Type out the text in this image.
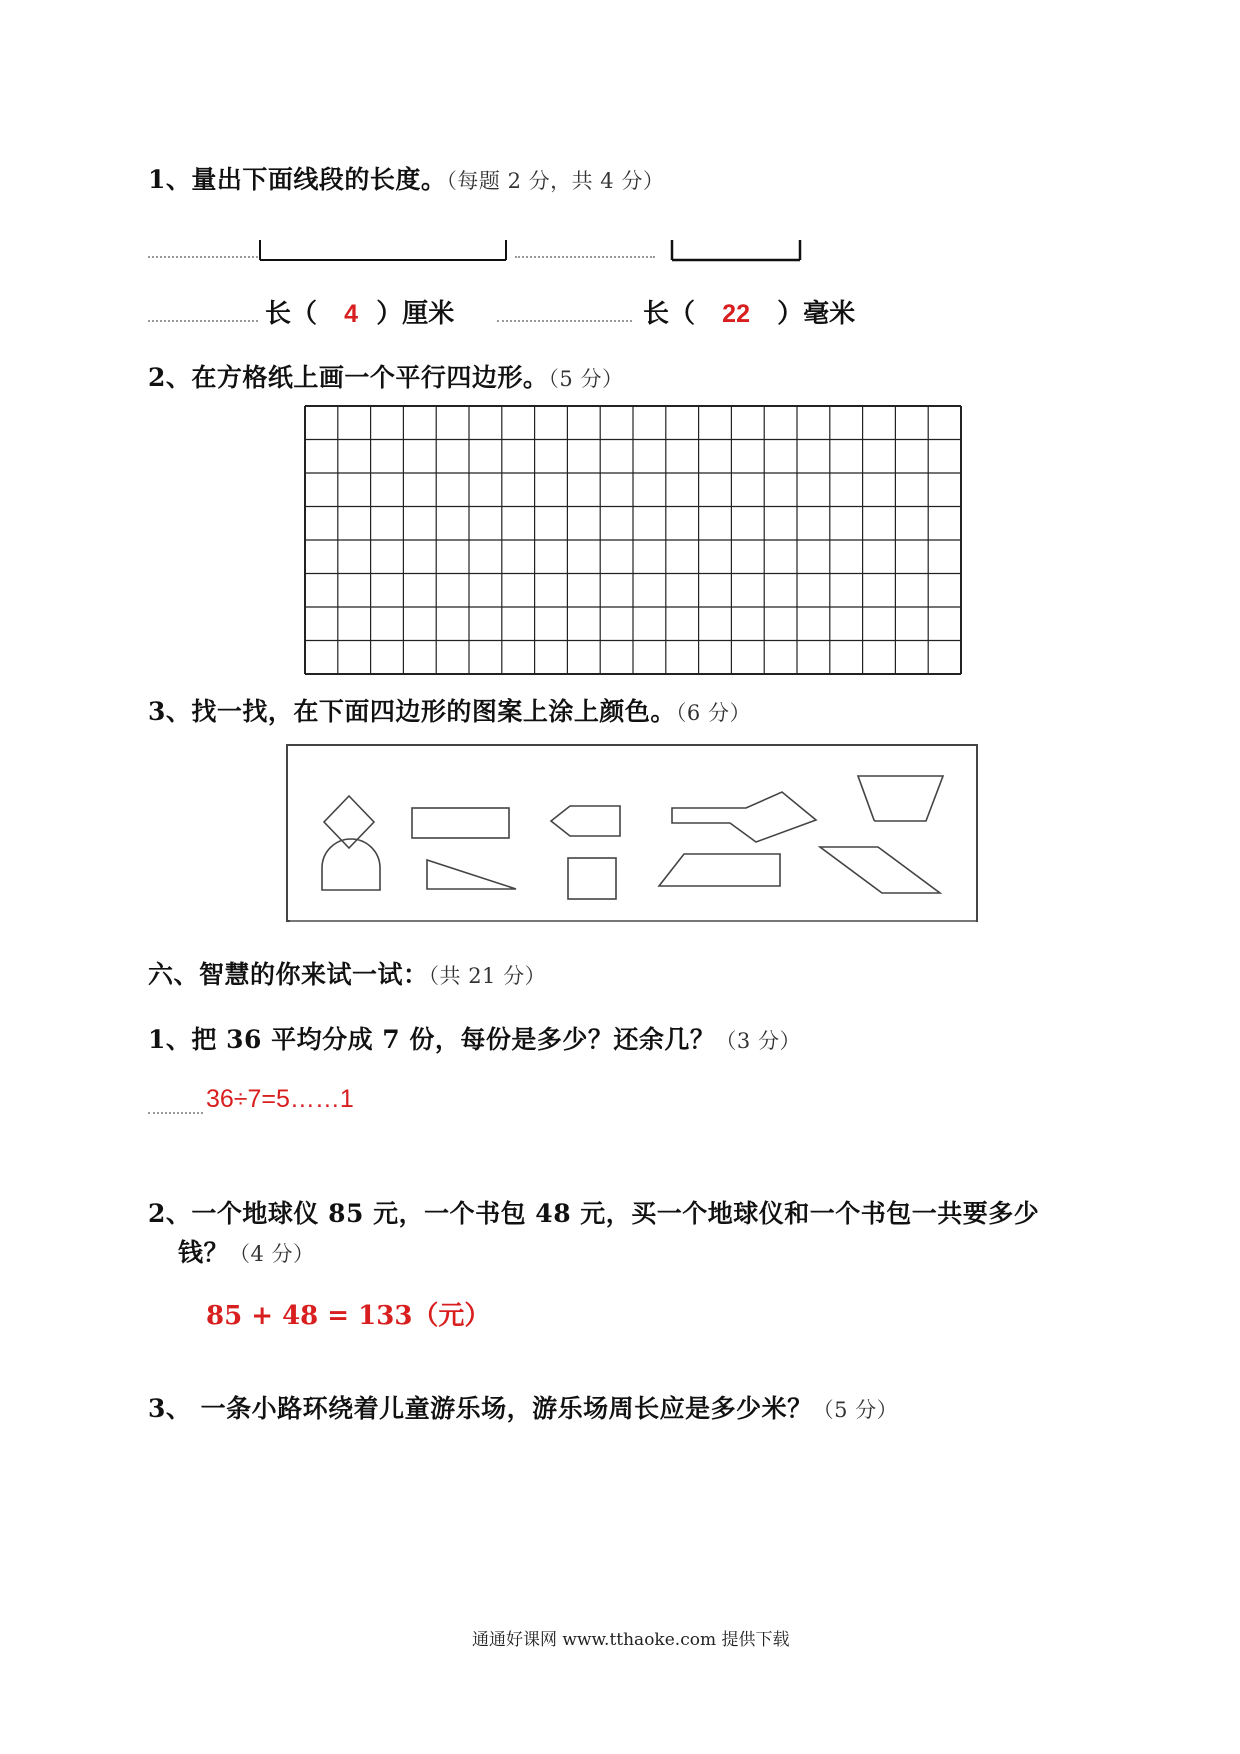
1、量出下面线段的长度。（每题 2 分，共 4 分）
长（ 4 ）厘米	长（ 22 ）毫米
2、在方格纸上画一个平行四边形。（5 分）
3、找一找，在下面四边形的图案上涂上颜色。（6 分）
六、智慧的你来试一试：（共 21 分）
1、把 36 平均分成 7 份，每份是多少？还余几？（3 分）
36÷7=5……1
2、一个地球仪 85 元，一个书包 48 元，买一个地球仪和一个书包一共要多少
钱？（4 分）
85 + 48 = 133（元）
3、 一条小路环绕着儿童游乐场，游乐场周长应是多少米？（5 分）
通通好课网 www.tthaoke.com 提供下载
